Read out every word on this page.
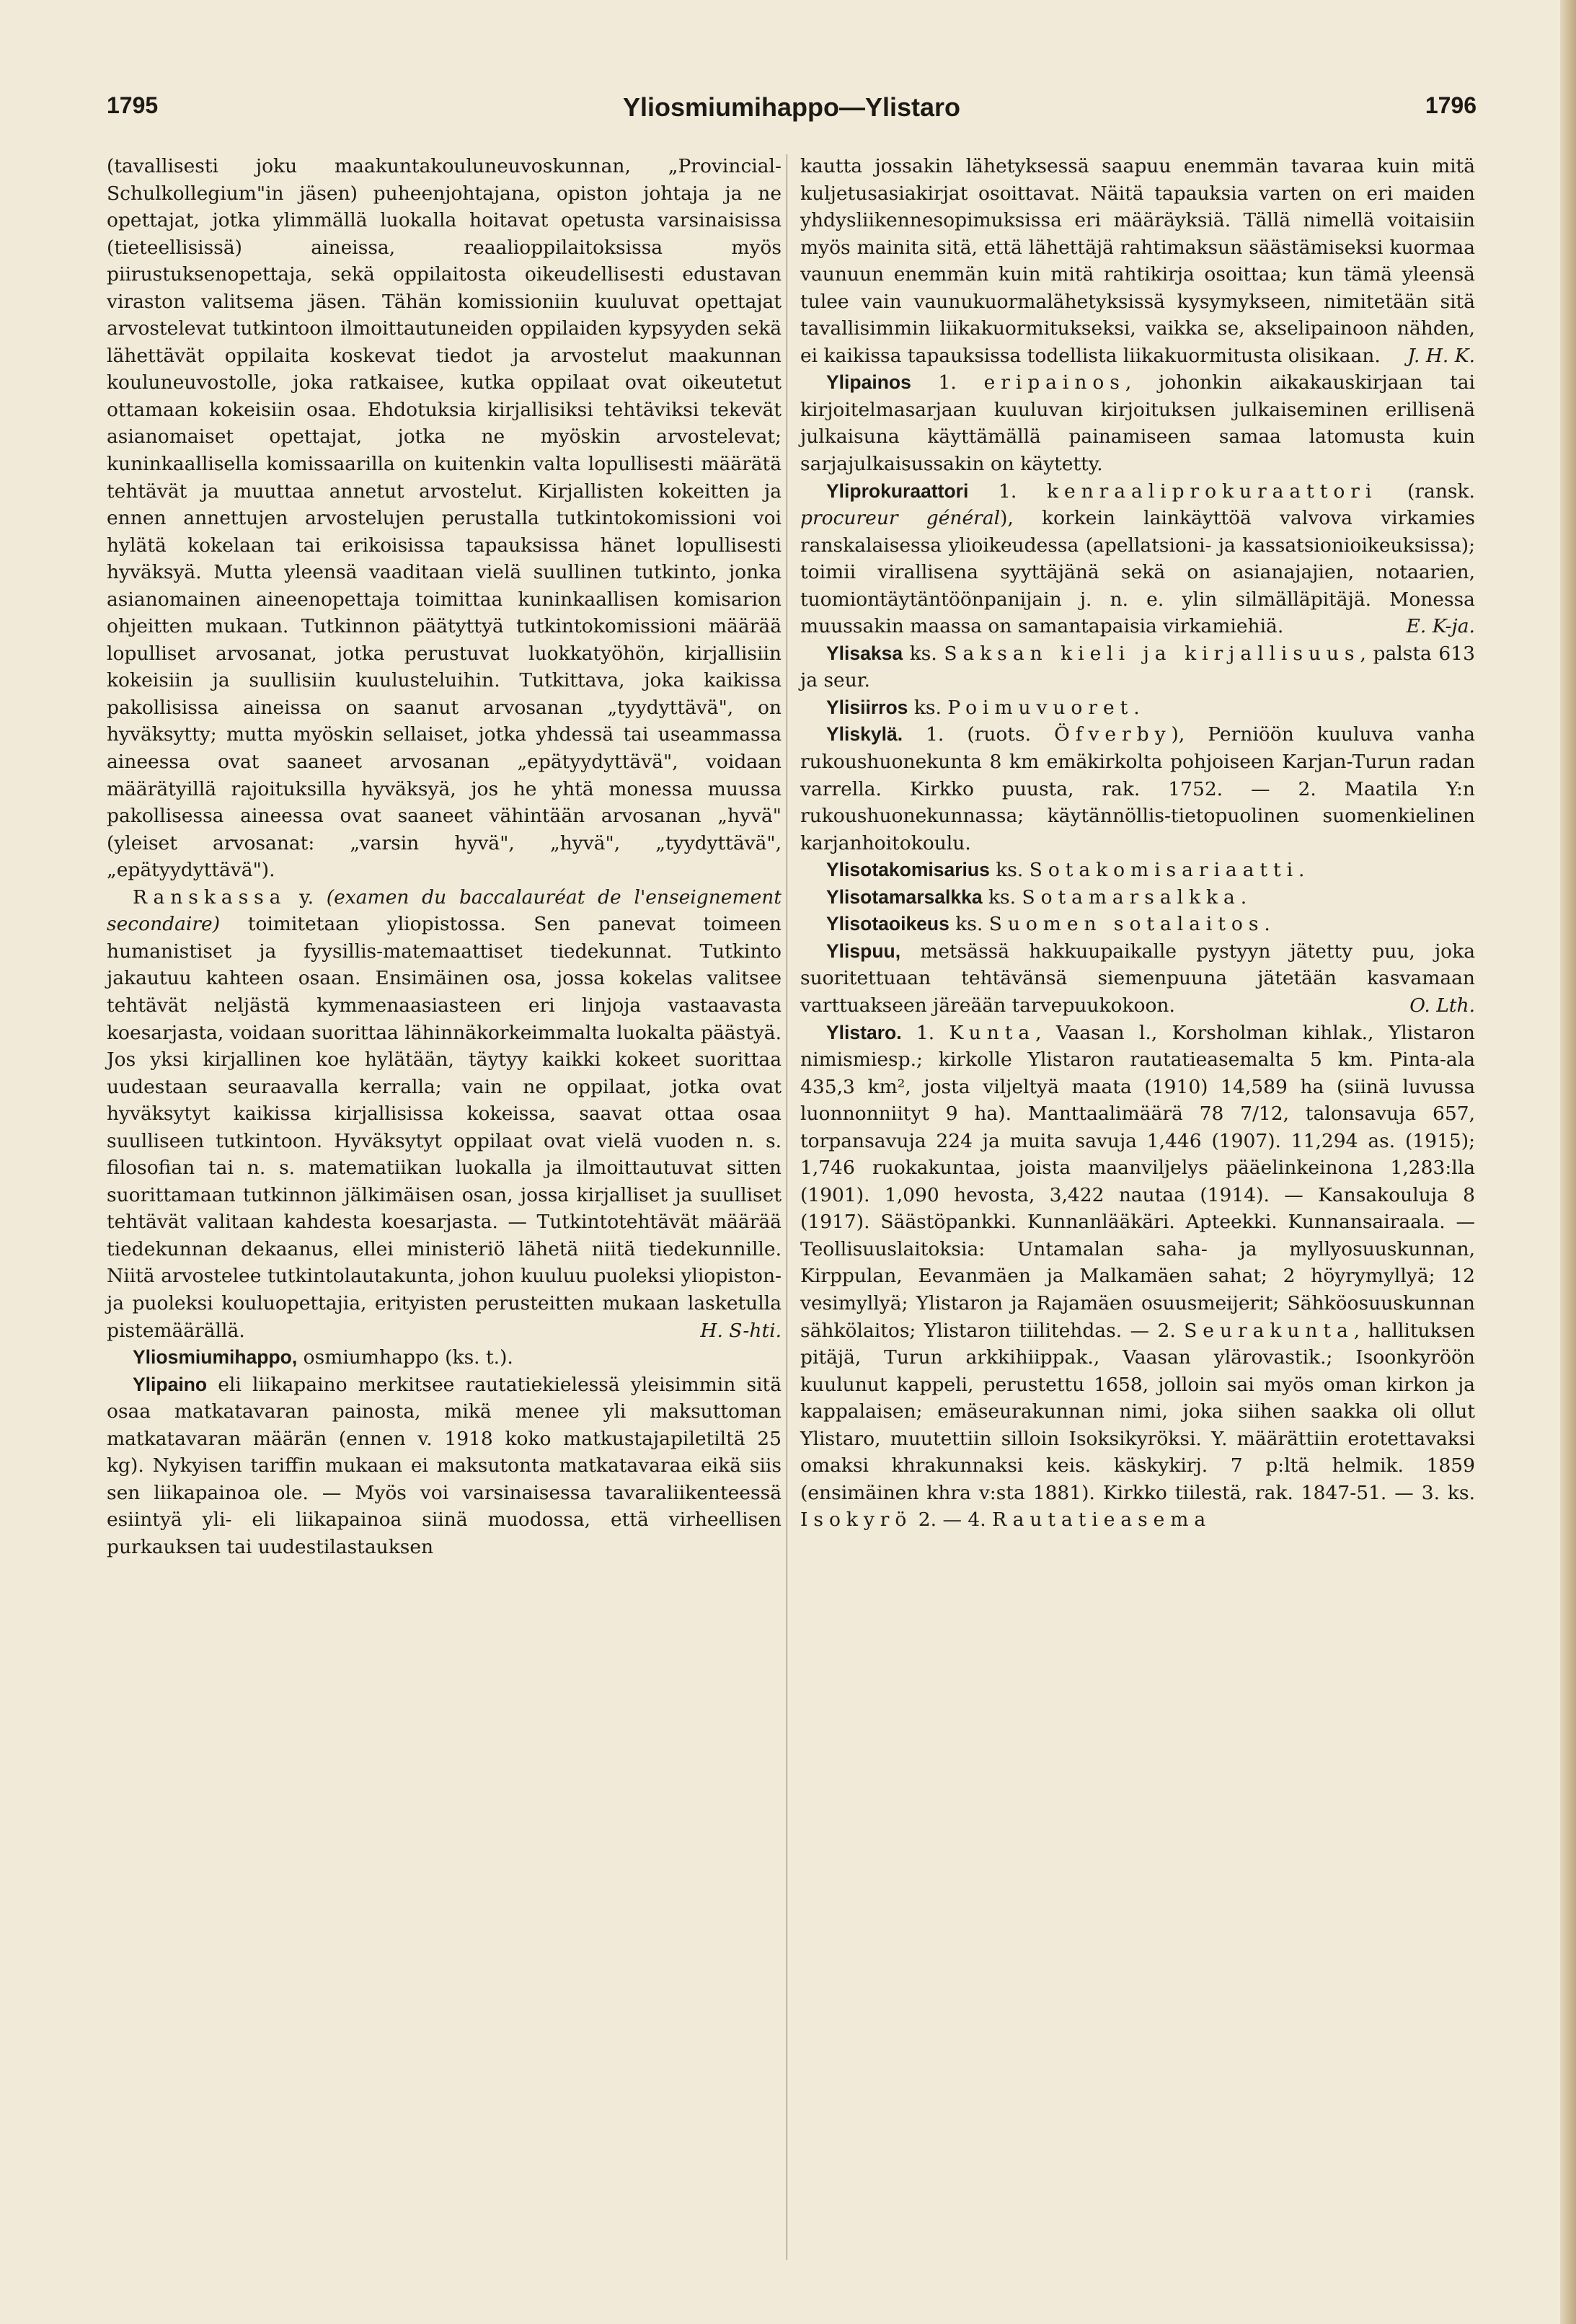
1795	Yliosmiumihappo—Ylistaro	1796

(tavallisesti joku maakuntakouluneuvoskunnan, „Provincial-Schulkollegium"in jäsen) puheenjohtajana, opiston johtaja ja ne opettajat, jotka ylimmällä luokalla hoitavat opetusta varsinaisissa (tieteellisissä) aineissa, reaalioppilaitoksissa myös piirustuksenopettaja, sekä oppilaitosta oikeudellisesti edustavan viraston valitsema jäsen. Tähän komissioniin kuuluvat opettajat arvostelevat tutkintoon ilmoittautuneiden oppilaiden kypsyyden sekä lähettävät oppilaita koskevat tiedot ja arvostelut maakunnan kouluneuvostolle, joka ratkaisee, kutka oppilaat ovat oikeutetut ottamaan kokeisiin osaa. Ehdotuksia kirjallisiksi tehtäviksi tekevät asianomaiset opettajat, jotka ne myöskin arvostelevat; kuninkaallisella komissaarilla on kuitenkin valta lopullisesti määrätä tehtävät ja muuttaa annetut arvostelut. Kirjallisten kokeitten ja ennen annettujen arvostelujen perustalla tutkintokomissioni voi hylätä kokelaan tai erikoisissa tapauksissa hänet lopullisesti hyväksyä. Mutta yleensä vaaditaan vielä suullinen tutkinto, jonka asianomainen aineenopettaja toimittaa kuninkaallisen komisarion ohjeitten mukaan. Tutkinnon päätyttyä tutkintokomissioni määrää lopulliset arvosanat, jotka perustuvat luokkatyöhön, kirjallisiin kokeisiin ja suullisiin kuulusteluihin. Tutkittava, joka kaikissa pakollisissa aineissa on saanut arvosanan „tyydyttävä", on hyväksytty; mutta myöskin sellaiset, jotka yhdessä tai useammassa aineessa ovat saaneet arvosanan „epätyydyttävä", voidaan määrätyillä rajoituksilla hyväksyä, jos he yhtä monessa muussa pakollisessa aineessa ovat saaneet vähintään arvosanan „hyvä" (yleiset arvosanat: „varsin hyvä", „hyvä", „tyydyttävä", „epätyydyttävä").

Ranskassa y. (examen du baccalauréat de l'enseignement secondaire) toimitetaan yliopistossa. Sen panevat toimeen humanistiset ja fyysillis-matemaattiset tiedekunnat. Tutkinto jakautuu kahteen osaan. Ensimäinen osa, jossa kokelas valitsee tehtävät neljästä kymmenaasiasteen eri linjoja vastaavasta koesarjasta, voidaan suorittaa lähinnäkorkeimmalta luokalta päästyä. Jos yksi kirjallinen koe hylätään, täytyy kaikki kokeet suorittaa uudestaan seuraavalla kerralla; vain ne oppilaat, jotka ovat hyväksytyt kaikissa kirjallisissa kokeissa, saavat ottaa osaa suulliseen tutkintoon. Hyväksytyt oppilaat ovat vielä vuoden n. s. filosofian tai n. s. matematiikan luokalla ja ilmoittautuvat sitten suorittamaan tutkinnon jälkimäisen osan, jossa kirjalliset ja suulliset tehtävät valitaan kahdesta koesarjasta. — Tutkintotehtävät määrää tiedekunnan dekaanus, ellei ministeriö lähetä niitä tiedekunnille. Niitä arvostelee tutkintolautakunta, johon kuuluu puoleksi yliopiston- ja puoleksi kouluopettajia, erityisten perusteitten mukaan lasketulla pistemäärällä.	H. S-hti.

Yliosmiumihappo, osmiumhappo (ks. t.).

Ylipaino eli liikapaino merkitsee rautatiekielessä yleisimmin sitä osaa matkatavaran painosta, mikä menee yli maksuttoman matkatavaran määrän (ennen v. 1918 koko matkustajapiletiltä 25 kg). Nykyisen tariffin mukaan ei maksutonta matkatavaraa eikä siis sen liikapainoa ole. — Myös voi varsinaisessa tavaraliikenteessä esiintyä yli- eli liikapainoa siinä muodossa, että virheellisen purkauksen tai uudestilastauksen

kautta jossakin lähetyksessä saapuu enemmän tavaraa kuin mitä kuljetusasiakirjat osoittavat. Näitä tapauksia varten on eri maiden yhdysliikennesopimuksissa eri määräyksiä. Tällä nimellä voitaisiin myös mainita sitä, että lähettäjä rahtimaksun säästämiseksi kuormaa vaunuun enemmän kuin mitä rahtikirja osoittaa; kun tämä yleensä tulee vain vaunukuormalähetyksissä kysymykseen, nimitetään sitä tavallisimmin liikakuormitukseksi, vaikka se, akselipainoon nähden, ei kaikissa tapauksissa todellista liikakuormitusta olisikaan.	J. H. K.

Ylipainos 1. eripainos, johonkin aikakauskirjaan tai kirjoitelmasarjaan kuuluvan kirjoituksen julkaiseminen erillisenä julkaisuna käyttämällä painamiseen samaa latomusta kuin sarjajulkaisussakin on käytetty.

Yliprokuraattori 1. kenraaliprokuraattori (ransk. procureur général), korkein lainkäyttöä valvova virkamies ranskalaisessa ylioikeudessa (apellatsioni- ja kassatsionioikeuksissa); toimii virallisena syyttäjänä sekä on asianajajien, notaarien, tuomiontäytäntöönpanijain j. n. e. ylin silmälläpitäjä. Monessa muussakin maassa on samantapaisia virkamiehiä.	E. K-ja.

Ylisaksa ks. Saksan kieli ja kirjallisuus, palsta 613 ja seur.

Ylisiirros ks. Poimuvuoret.

Yliskylä. 1. (ruots. Öfverby), Perniöön kuuluva vanha rukoushuonekunta 8 km emäkirkolta pohjoiseen Karjan-Turun radan varrella. Kirkko puusta, rak. 1752. — 2. Maatila Y:n rukoushuonekunnassa; käytännöllis-tietopuolinen suomenkielinen karjanhoitokoulu.

Ylisotakomisarius ks. Sotakomisariaatti.

Ylisotamarsalkka ks. Sotamarsalkka.

Ylisotaoikeus ks. Suomen sotalaitos.

Ylispuu, metsässä hakkuupaikalle pystyyn jätetty puu, joka suoritettuaan tehtävänsä siemenpuuna jätetään kasvamaan varttuakseen järeään tarvepuukokoon.	O. Lth.

Ylistaro. 1. Kunta, Vaasan l., Korsholman kihlak., Ylistaron nimismiesp.; kirkolle Ylistaron rautatieasemalta 5 km. Pinta-ala 435,3 km², josta viljeltyä maata (1910) 14,589 ha (siinä luvussa luonnonniityt 9 ha). Manttaalimäärä 78 7/12, talonsavuja 657, torpansavuja 224 ja muita savuja 1,446 (1907). 11,294 as. (1915); 1,746 ruokakuntaa, joista maanviljelys pääelinkeinona 1,283:lla (1901). 1,090 hevosta, 3,422 nautaa (1914). — Kansakouluja 8 (1917). Säästöpankki. Kunnanlääkäri. Apteekki. Kunnansairaala. — Teollisuuslaitoksia: Untamalan saha- ja myllyosuuskunnan, Kirppulan, Eevanmäen ja Malkamäen sahat; 2 höyrymyllyä; 12 vesimyllyä; Ylistaron ja Rajamäen osuusmeijerit; Sähköosuuskunnan sähkölaitos; Ylistaron tiilitehdas. — 2. Seurakunta, hallituksen pitäjä, Turun arkkihiippak., Vaasan ylärovastik.; Isoonkyröön kuulunut kappeli, perustettu 1658, jolloin sai myös oman kirkon ja kappalaisen; emäseurakunnan nimi, joka siihen saakka oli ollut Ylistaro, muutettiin silloin Isoksikyröksi. Y. määrättiin erotettavaksi omaksi khrakunnaksi keis. käskykirj. 7 p:ltä helmik. 1859 (ensimäinen khra v:sta 1881). Kirkko tiilestä, rak. 1847-51. — 3. ks. Isokyrö 2. — 4. Rautatieasema
